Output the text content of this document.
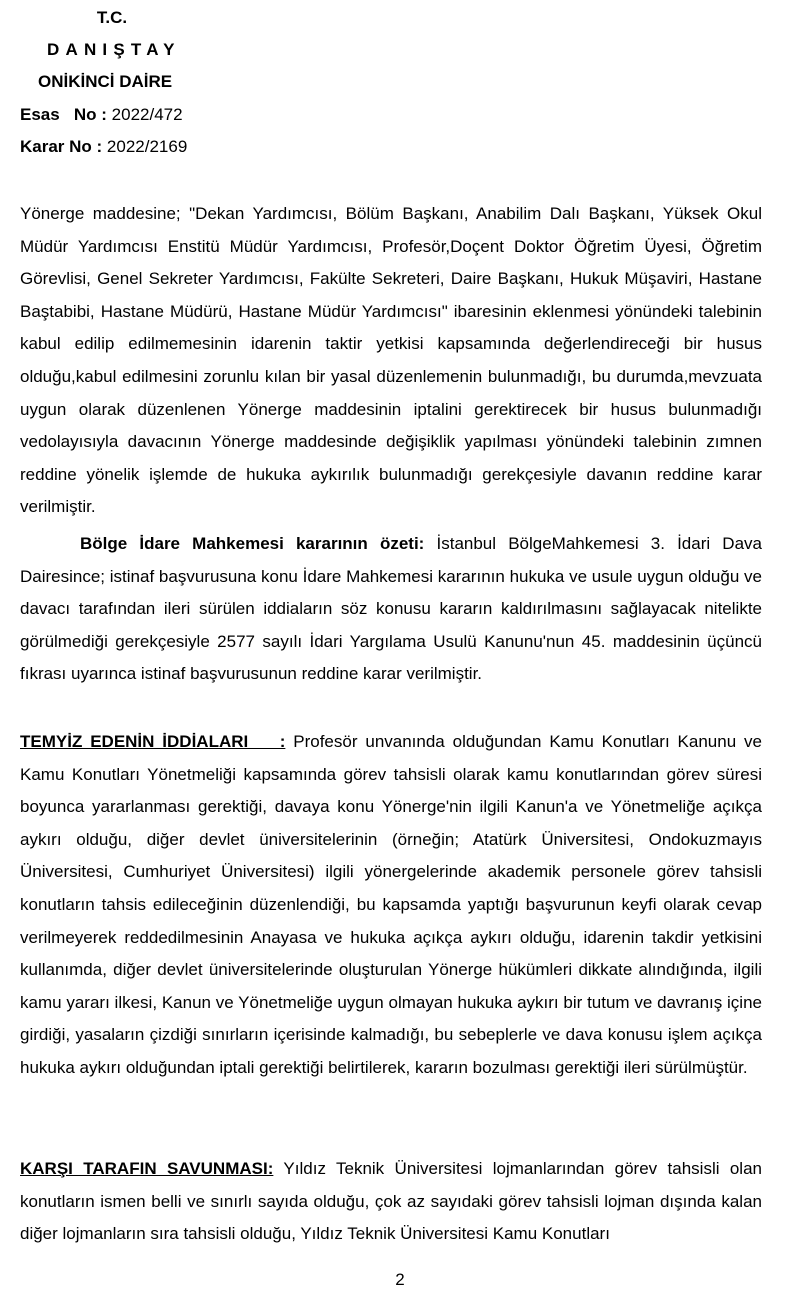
T.C.
DANIŞTAY
ONİKİNCİ DAİRE
Esas   No : 2022/472
Karar No : 2022/2169
Yönerge maddesine; "Dekan Yardımcısı, Bölüm Başkanı, Anabilim Dalı Başkanı, Yüksek Okul Müdür Yardımcısı Enstitü Müdür Yardımcısı, Profesör,Doçent Doktor Öğretim Üyesi, Öğretim Görevlisi, Genel Sekreter Yardımcısı, Fakülte Sekreteri, Daire Başkanı, Hukuk Müşaviri, Hastane Baştabibi, Hastane Müdürü, Hastane Müdür Yardımcısı" ibaresinin eklenmesi yönündeki talebinin kabul edilip edilmemesinin idarenin taktir yetkisi kapsamında değerlendireceği bir husus olduğu,kabul edilmesini zorunlu kılan bir yasal düzenlemenin bulunmadığı, bu durumda,mevzuata uygun olarak düzenlenen Yönerge maddesinin iptalini gerektirecek bir husus bulunmadığı vedolayısıyla davacının Yönerge maddesinde değişiklik yapılması yönündeki talebinin zımnen reddine yönelik işlemde de hukuka aykırılık bulunmadığı gerekçesiyle davanın reddine karar verilmiştir.
Bölge İdare Mahkemesi kararının özeti: İstanbul BölgeMahkemesi 3. İdari Dava Dairesince; istinaf başvurusuna konu İdare Mahkemesi kararının hukuka ve usule uygun olduğu ve davacı tarafından ileri sürülen iddiaların söz konusu kararın kaldırılmasını sağlayacak nitelikte görülmediği gerekçesiyle 2577 sayılı İdari Yargılama Usulü Kanunu'nun 45. maddesinin üçüncü fıkrası uyarınca istinaf başvurusunun reddine karar verilmiştir.
TEMYİZ EDENİN İDDİALARI    : Profesör unvanında olduğundan Kamu Konutları Kanunu ve Kamu Konutları Yönetmeliği kapsamında görev tahsisli olarak kamu konutlarından görev süresi boyunca yararlanması gerektiği, davaya konu Yönerge'nin ilgili Kanun'a ve Yönetmeliğe açıkça aykırı olduğu, diğer devlet üniversitelerinin (örneğin; Atatürk Üniversitesi, Ondokuzmayıs Üniversitesi, Cumhuriyet Üniversitesi) ilgili yönergelerinde akademik personele görev tahsisli konutların tahsis edileceğinin düzenlendiği, bu kapsamda yaptığı başvurunun keyfi olarak cevap verilmeyerek reddedilmesinin Anayasa ve hukuka açıkça aykırı olduğu, idarenin takdir yetkisini kullanımda, diğer devlet üniversitelerinde oluşturulan Yönerge hükümleri dikkate alındığında, ilgili kamu yararı ilkesi, Kanun ve Yönetmeliğe uygun olmayan hukuka aykırı bir tutum ve davranış içine girdiği, yasaların çizdiği sınırların içerisinde kalmadığı, bu sebeplerle ve dava konusu işlem açıkça hukuka aykırı olduğundan iptali gerektiği belirtilerek, kararın bozulması gerektiği ileri sürülmüştür.
KARŞI TARAFIN SAVUNMASI: Yıldız Teknik Üniversitesi lojmanlarından görev tahsisli olan konutların ismen belli ve sınırlı sayıda olduğu, çok az sayıdaki görev tahsisli lojman dışında kalan diğer lojmanların sıra tahsisli olduğu, Yıldız Teknik Üniversitesi Kamu Konutları
2
